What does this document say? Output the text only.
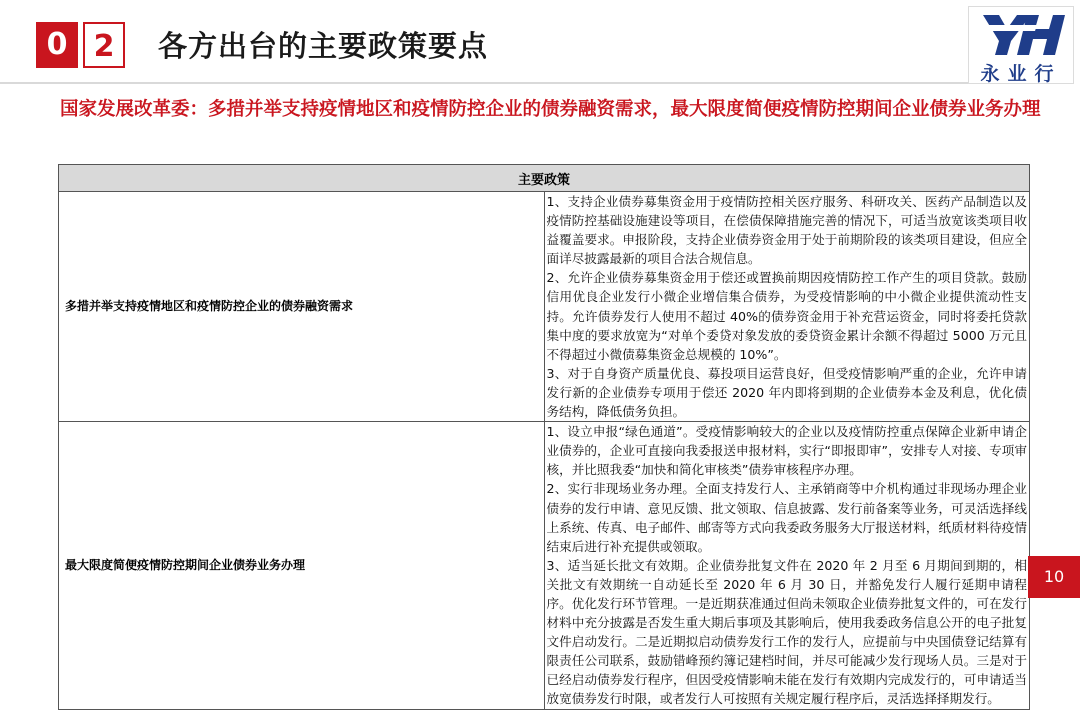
0 2	各方出台的主要政策要点
永业行
国家发展改革委：多措并举支持疫情地区和疫情防控企业的债券融资需求，最大限度简便疫情防控期间企业债券业务办理
主要政策	
多措并举支持疫情地区和疫情防控企业的债券融资需求	1、支持企业债券募集资金用于疫情防控相关医疗服务、科研攻关、医药产品制造以及疫情防控基础设施建设等项目，在偿债保障措施完善的情况下，可适当放宽该类项目收益覆盖要求。申报阶段，支持企业债券资金用于处于前期阶段的该类项目建设，但应全面详尽披露最新的项目合法合规信息。

2、允许企业债券募集资金用于偿还或置换前期因疫情防控工作产生的项目贷款。鼓励信用优良企业发行小微企业增信集合债券，为受疫情影响的中小微企业提供流动性支持。允许债券发行人使用不超过 40%的债券资金用于补充营运资金，同时将委托贷款集中度的要求放宽为“对单个委贷对象发放的委贷资金累计余额不得超过 5000 万元且不得超过小微债募集资金总规模的 10%”。

3、对于自身资产质量优良、募投项目运营良好，但受疫情影响严重的企业，允许申请发行新的企业债券专项用于偿还 2020 年内即将到期的企业债券本金及利息，优化债务结构，降低债务负担。

最大限度简便疫情防控期间企业债券业务办理	1、设立申报“绿色通道”。受疫情影响较大的企业以及疫情防控重点保障企业新申请企业债券的，企业可直接向我委报送申报材料，实行“即报即审”，安排专人对接、专项审核，并比照我委“加快和简化审核类”债券审核程序办理。

2、实行非现场业务办理。全面支持发行人、主承销商等中介机构通过非现场办理企业债券的发行申请、意见反馈、批文领取、信息披露、发行前备案等业务，可灵活选择线上系统、传真、电子邮件、邮寄等方式向我委政务服务大厅报送材料，纸质材料待疫情结束后进行补充提供或领取。

3、适当延长批文有效期。企业债券批复文件在 2020 年 2 月至 6 月期间到期的，相关批文有效期统一自动延长至 2020 年 6 月 30 日，并豁免发行人履行延期申请程序。优化发行环节管理。一是近期获准通过但尚未领取企业债券批复文件的，可在发行材料中充分披露是否发生重大期后事项及其影响后，使用我委政务信息公开的电子批复文件启动发行。二是近期拟启动债券发行工作的发行人，应提前与中央国债登记结算有限责任公司联系，鼓励错峰预约簿记建档时间，并尽可能减少发行现场人员。三是对于已经启动债券发行程序，但因受疫情影响未能在发行有效期内完成发行的，可申请适当放宽债券发行时限，或者发行人可按照有关规定履行程序后，灵活选择择期发行。

10
